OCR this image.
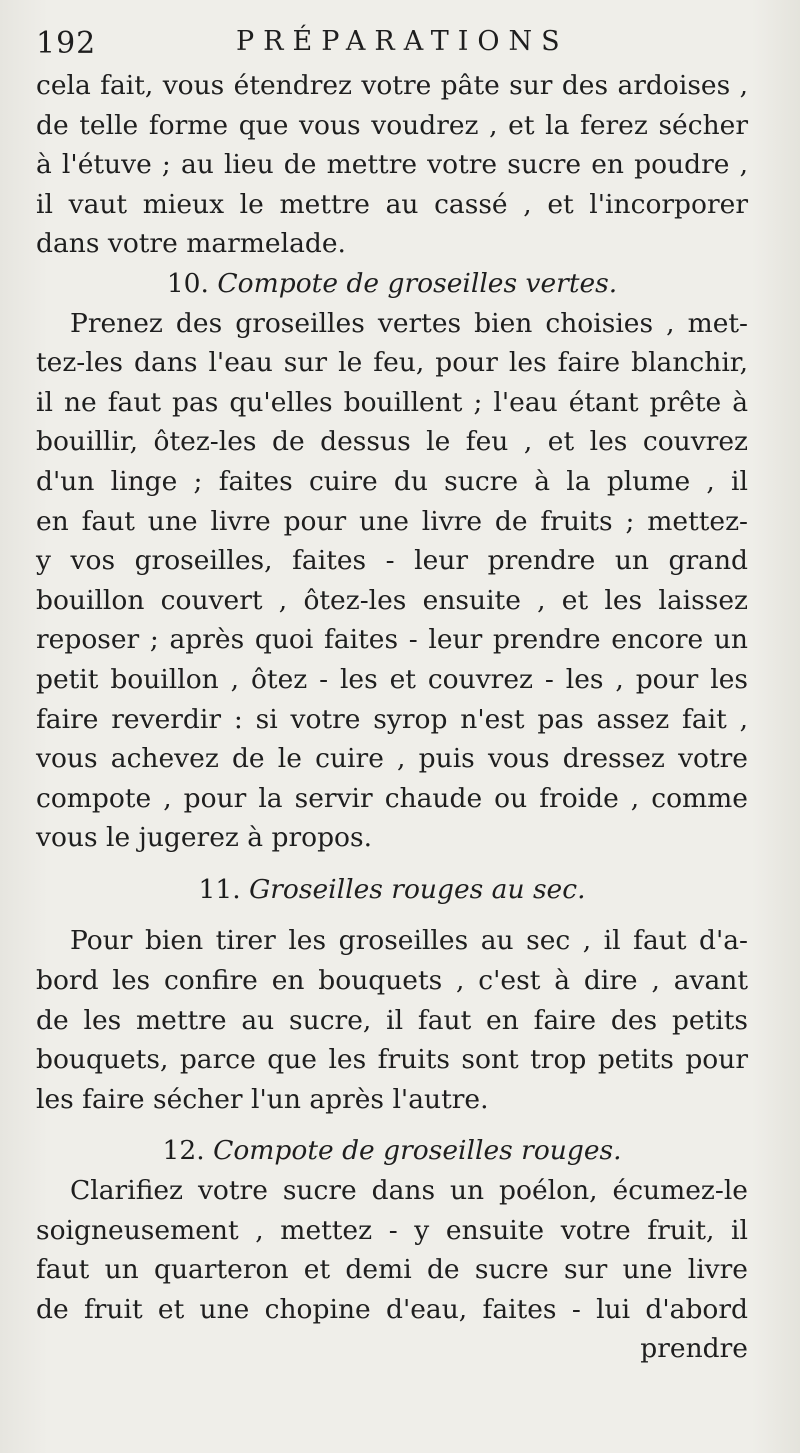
192	PRÉPARATIONS
cela fait, vous étendrez votre pâte sur des ardoises ,
de telle forme que vous voudrez , et la ferez sécher
à l'étuve ; au lieu de mettre votre sucre en poudre ,
il vaut mieux le mettre au cassé , et l'incorporer
dans votre marmelade.
10. Compote de groseilles vertes.
Prenez des groseilles vertes bien choisies , met-
tez-les dans l'eau sur le feu, pour les faire blanchir,
il ne faut pas qu'elles bouillent ; l'eau étant prête à
bouillir, ôtez-les de dessus le feu , et les couvrez
d'un linge ; faites cuire du sucre à la plume , il
en faut une livre pour une livre de fruits ; mettez-
y vos groseilles, faites - leur prendre un grand
bouillon couvert , ôtez-les ensuite , et les laissez
reposer ; après quoi faites - leur prendre encore un
petit bouillon , ôtez - les et couvrez - les , pour les
faire reverdir : si votre syrop n'est pas assez fait ,
vous achevez de le cuire , puis vous dressez votre
compote , pour la servir chaude ou froide , comme
vous le jugerez à propos.
11. Groseilles rouges au sec.
Pour bien tirer les groseilles au sec , il faut d'a-
bord les confire en bouquets , c'est à dire , avant
de les mettre au sucre, il faut en faire des petits
bouquets, parce que les fruits sont trop petits pour
les faire sécher l'un après l'autre.
12. Compote de groseilles rouges.
Clarifiez votre sucre dans un poélon, écumez-le
soigneusement , mettez - y ensuite votre fruit, il
faut un quarteron et demi de sucre sur une livre
de fruit et une chopine d'eau, faites - lui d'abord
prendre
